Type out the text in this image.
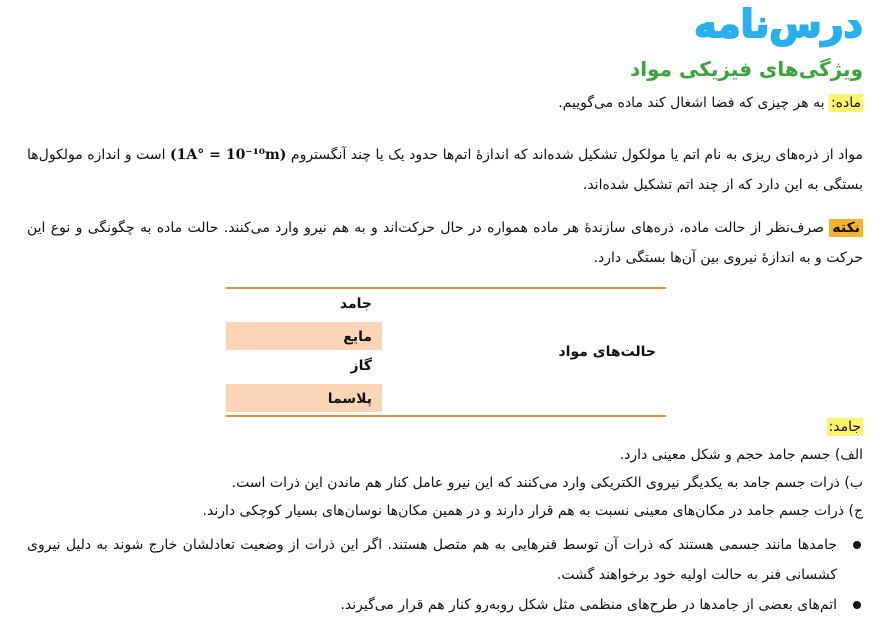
درس‌نامه
ویژگی‌های فیزیکی مواد
ماده: به هر چیزی که فضا اشغال کند ماده می‌گوییم.
مواد از ذره‌های ریزی به نام اتم یا مولکول تشکیل شده‌اند که اندازهٔ اتم‌ها حدود یک یا چند آنگستروم (1A° = 10⁻¹⁰m) است و اندازه مولکول‌ها بستگی به این دارد که از چند اتم تشکیل شده‌اند.
نکته صرف‌نظر از حالت ماده، ذره‌های سازندهٔ هر ماده همواره در حال حرکت‌اند و به هم نیرو وارد می‌کنند. حالت ماده به چگونگی و نوع این حرکت و به اندازهٔ نیروی بین آن‌ها بستگی دارد.
جامد
مایع
گاز
پلاسما
حالت‌های مواد
جامد:
الف) جسم جامد حجم و شکل معینی دارد.
ب) ذرات جسم جامد به یکدیگر نیروی الکتریکی وارد می‌کنند که این نیرو عامل کنار هم ماندن این ذرات است.
ج) ذرات جسم جامد در مکان‌های معینی نسبت به هم قرار دارند و در همین مکان‌ها نوسان‌های بسیار کوچکی دارند.
جامدها مانند جسمی هستند که ذرات آن توسط فنرهایی به هم متصل هستند. اگر این ذرات از وضعیت تعادلشان خارج شوند به دلیل نیروی کشسانی فنر به حالت اولیه خود برخواهند گشت.
اتم‌های بعضی از جامدها در طرح‌های منظمی مثل شکل روبه‌رو کنار هم قرار می‌گیرند.
